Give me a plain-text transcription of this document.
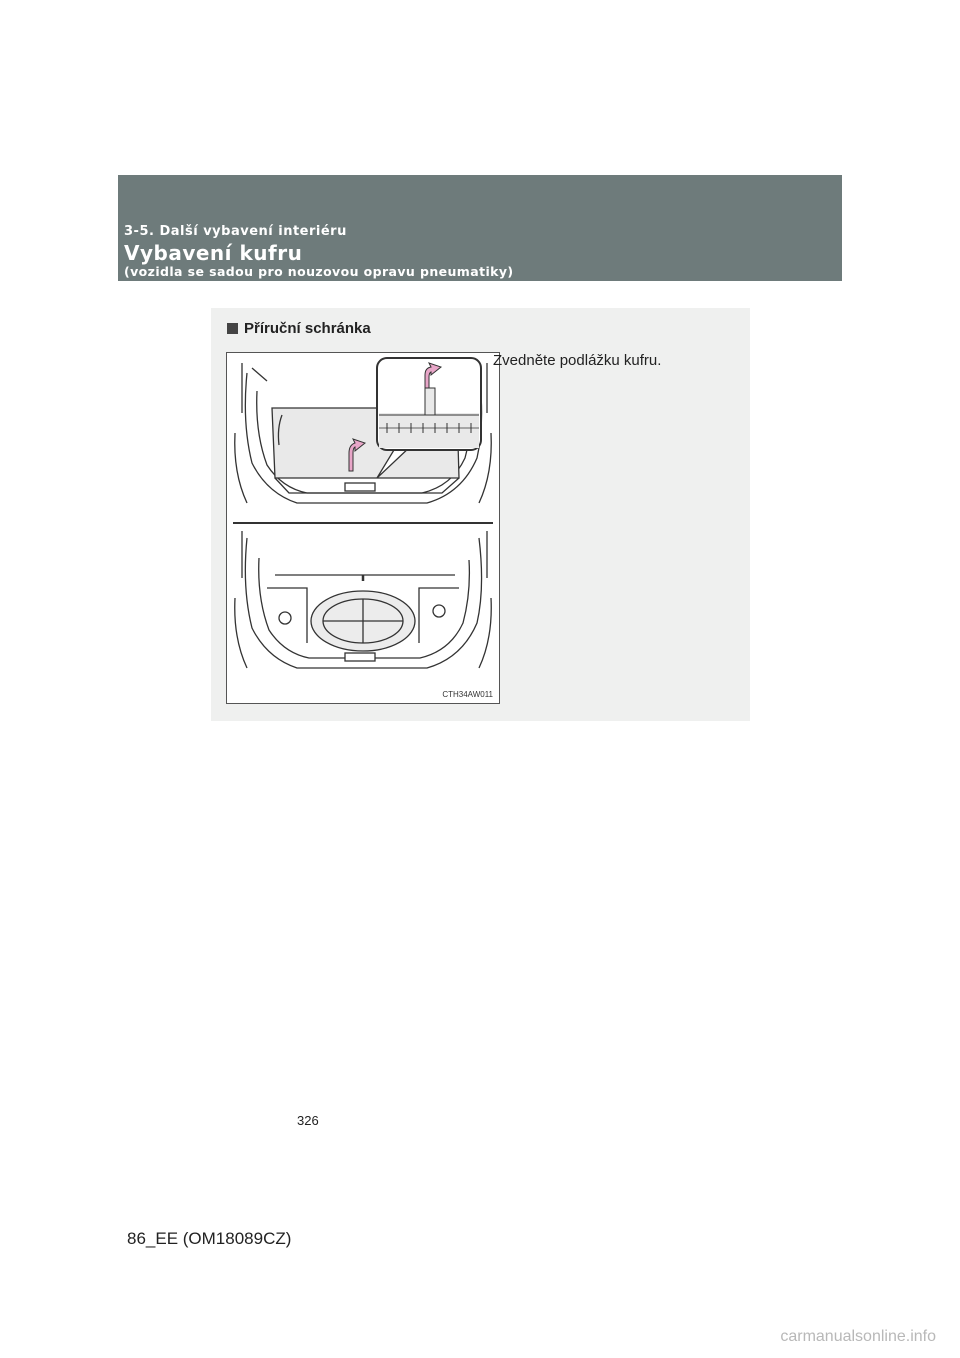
3-5. Další vybavení interiéru
Vybavení kufru
(vozidla se sadou pro nouzovou opravu pneumatiky)
Příruční schránka
CTH34AW011
Zvedněte podlážku kufru.
326
86_EE (OM18089CZ)
carmanualsonline.info
